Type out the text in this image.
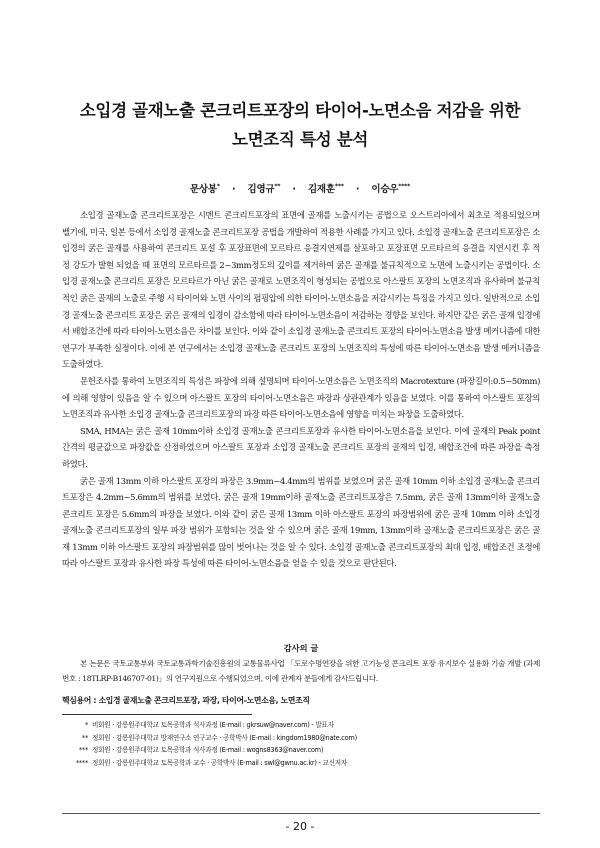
소입경 골재노출 콘크리트포장의 타이어-노면소음 저감을 위한
노면조직 특성 분석
문상봉* · 김영규** · 김재훈*** · 이승우****

소입경 골재노출 콘크리트포장은 시멘트 콘크리트포장의 표면에 골재를 노출시키는 공법으로 오스트리아에서 최초로 적용되었으며 벨기에, 미국, 일본 등에서 소입경 골재노출 콘크리트포장 공법을 개발하여 적용한 사례를 가지고 있다. 소입경 골재노출 콘크리트포장은 소입경의 굵은 골재를 사용하여 콘크리트 포설 후 포장표면에 모르타르 응결지연제를 살포하고 포장표면 모르타르의 응결을 지연시킨 후 적정 강도가 발현 되었을 때 표면의 모르타르를 2~3mm정도의 깊이를 제거하여 굵은 골재를 불규칙적으로 노면에 노출시키는 공법이다. 소입경 골재노출 콘크리트 포장은 모르타르가 아닌 굵은 골재로 노면조직이 형성되는 공법으로 아스팔트 포장의 노면조직과 유사하며 불규칙적인 굵은 골재의 노출로 주행 시 타이어와 노면 사이의 펌핑압에 의한 타이어-노면소음을 저감시키는 특징을 가지고 있다. 일반적으로 소입경 골재노출 콘크리트 포장은 굵은 골재의 입경이 감소함에 따라 타이어-노면소음이 저감하는 경향을 보인다. 하지만 같은 굵은 골재 입경에서 배합조건에 따라 타이어-노면소음은 차이를 보인다. 이와 같이 소입경 골재노출 콘크리트 포장의 타이어-노면소음 발생 메커니즘에 대한 연구가 부족한 실정이다. 이에 본 연구에서는 소입경 골재노출 콘크리트 포장의 노면조직의 특성에 따른 타이어-노면소음 발생 메커니즘을 도출하였다.

문헌조사를 통하여 노면조직의 특성은 파장에 의해 설명되며 타이어-노면소음은 노면조직의 Macrotexture (파장길이:0.5~50mm)에 의해 영향이 있음을 알 수 있으며 아스팔트 포장의 타이어-노면소음은 파장과 상관관계가 있음을 보였다. 이를 통하여 아스팔트 포장의 노면조직과 유사한 소입경 골재노출 콘크리트포장의 파장 따른 타이어-노면소음에 영향을 미치는 파장을 도출하였다.

SMA, HMA는 굵은 골재 10mm이하 소입경 골재노출 콘크리트포장과 유사한 타이어-노면소음을 보인다. 이에 골재의 Peak point 간격의 평균값으로 파장값을 산정하였으며 아스팔트 포장과 소입경 골재노출 콘크리트 포장의 골재의 입경, 배합조건에 따른 파장을 측정하였다.

굵은 골재 13mm 이하 아스팔트 포장의 파장은 3.9mm~4.4mm의 범위를 보였으며 굵은 골재 10mm 이하 소입경 골재노출 콘크리트포장은 4.2mm~5.6mm의 범위를 보였다. 굵은 골재 19mm이하 골재노출 콘크리트포장은 7.5mm, 굵은 골재 13mm이하 골재노출 콘크리트 포장은 5.6mm의 파장을 보였다. 이와 같이 굵은 골재 13mm 이하 아스팔트 포장의 파장범위에 굵은 골재 10mm 이하 소입경 골재노출 콘크리트포장의 일부 파장 범위가 포함되는 것을 알 수 있으며 굵은 골재 19mm, 13mm이하 골재노출 콘크리트포장은 굵은 골재 13mm 이하 아스팔트 포장의 파장범위를 많이 벗어나는 것을 알 수 있다. 소입경 골재노출 콘크리트포장의 최대 입경, 배합조건 조정에 따라 아스팔트 포장과 유사한 파장 특성에 따른 타이어-노면소음을 얻을 수 있을 것으로 판단된다.

감사의 글
본 논문은 국토교통부와 국토교통과학기술진흥원의 교통물류사업 「도로수명연장을 위한 고기능성 콘크리트 포장 유지보수 실용화 기술 개발 (과제번호 : 18TLRP-B146707-01)」의 연구지원으로 수행되었으며, 이에 관계자 분들에게 감사드립니다.
핵심용어 : 소입경 골재노출 콘크리트포장, 파장, 타이어-노면소음, 노면조직
* 비회원 · 강릉원주대학교 토목공학과 석사과정 (E-mail : gkrsuw@naver.com) - 발표자
** 정회원 · 강릉원주대학교 방재연구소 연구교수 · 공학박사 (E-mail : kingdom1980@nate.com)
*** 정회원 · 강릉원주대학교 토목공학과 석사과정 (E-mail : wogns8363@naver.com)
**** 정회원 · 강릉원주대학교 토목공학과 교수 · 공학박사 (E-mail : swl@gwnu.ac.kr) - 교신저자
- 20 -
